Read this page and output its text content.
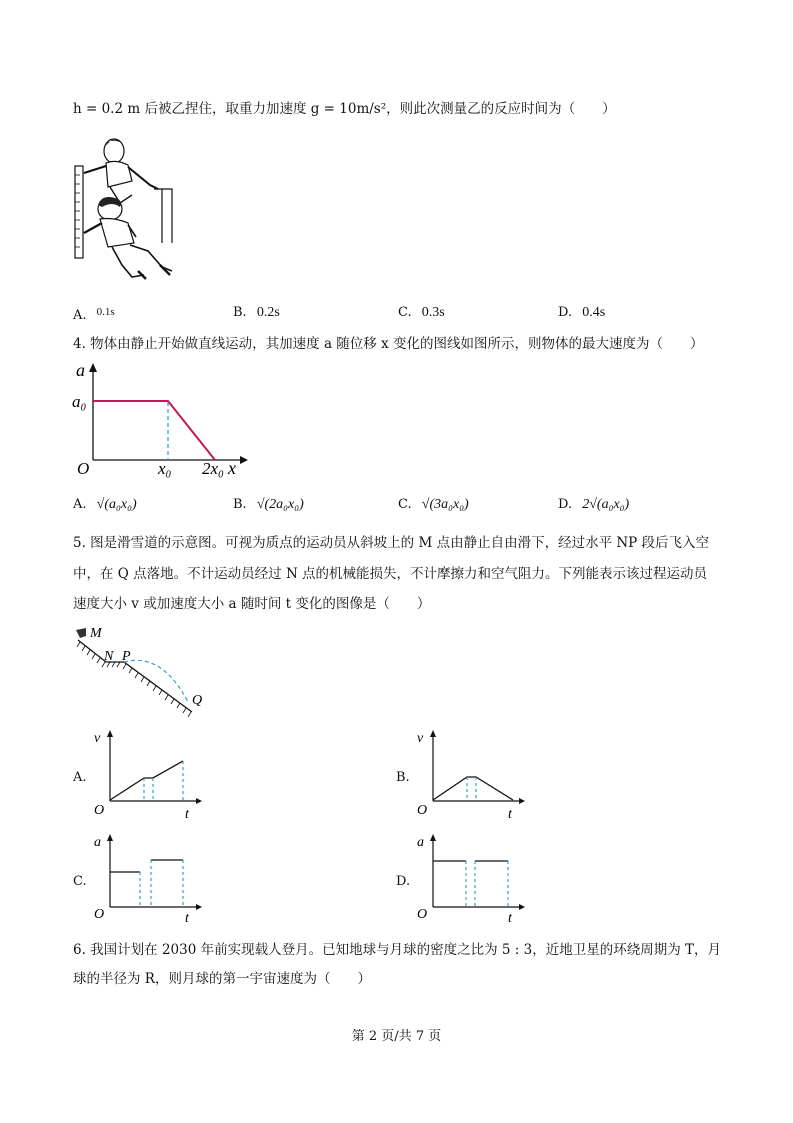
h = 0.2 m 后被乙捏住，取重力加速度 g = 10m/s²，则此次测量乙的反应时间为（　　）
A. $^{0.1s}$	B. 0.2s	C. 0.3s	D. 0.4s
4. 物体由静止开始做直线运动，其加速度 a 随位移 x 变化的图线如图所示，则物体的最大速度为（　　）
a
a₀
O	x₀ 2x₀ x
A. √(a₀x₀)	B. √(2a₀x₀)	C. √(3a₀x₀)	D. 2√(a₀x₀)
5. 图是滑雪道的示意图。可视为质点的运动员从斜坡上的 M 点由静止自由滑下，经过水平 NP 段后飞入空
中，在 Q 点落地。不计运动员经过 N 点的机械能损失，不计摩擦力和空气阻力。下列能表示该过程运动员
速度大小 v 或加速度大小 a 随时间 t 变化的图像是（　　）
M
N P
Q
A.
v
O	t
B.
v
O	t
C.
a
O	t
D.
a
O	t
6. 我国计划在 2030 年前实现载人登月。已知地球与月球的密度之比为 5 : 3，近地卫星的环绕周期为 T，月
球的半径为 R，则月球的第一宇宙速度为（　　）
第 2 页/共 7 页
